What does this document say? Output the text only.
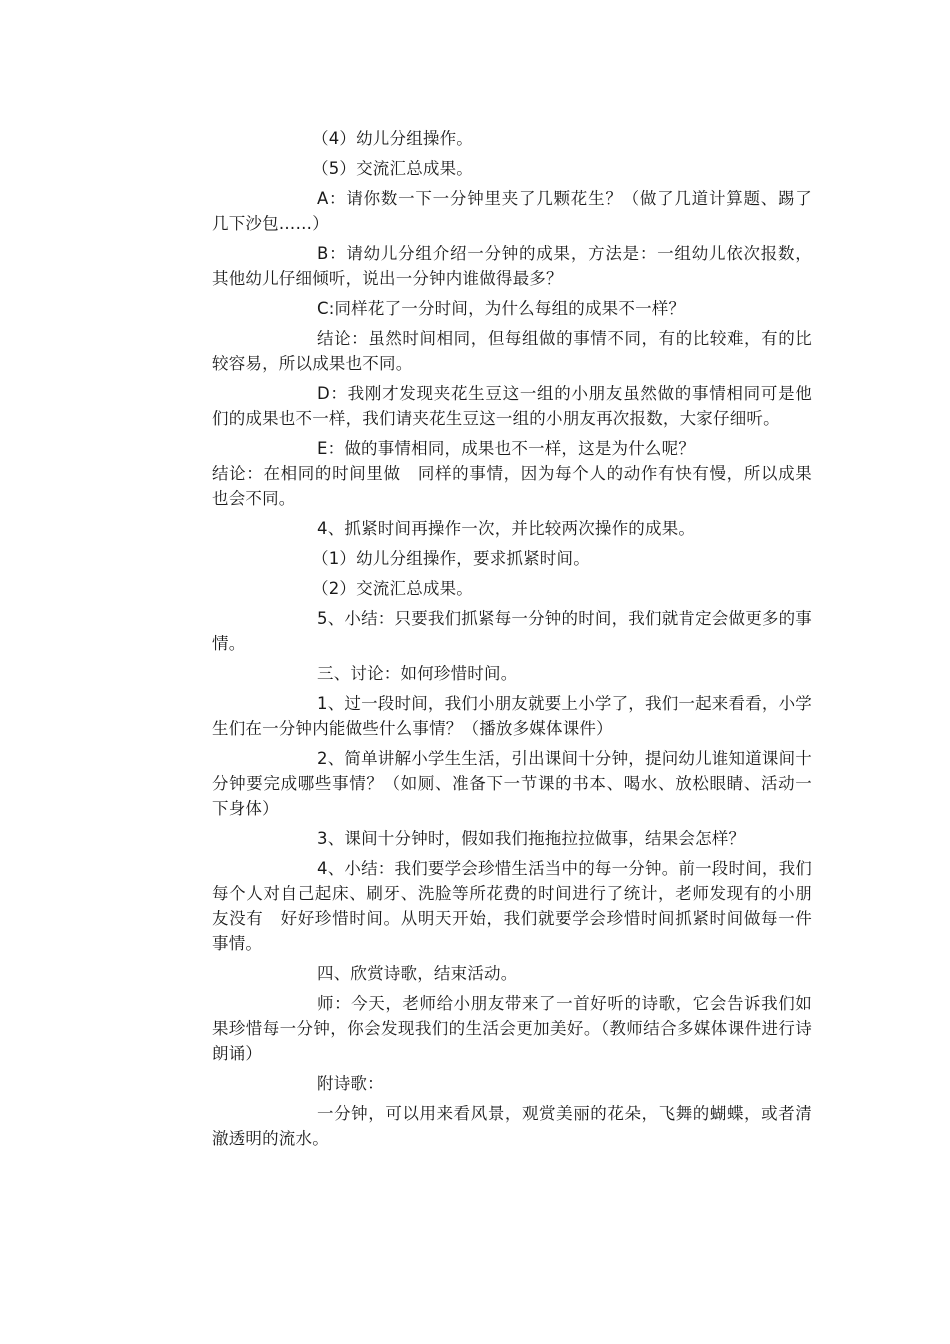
（4）幼儿分组操作。

（5）交流汇总成果。

A：请你数一下一分钟里夹了几颗花生？（做了几道计算题、踢了几下沙包……）

B：请幼儿分组介绍一分钟的成果，方法是：一组幼儿依次报数，其他幼儿仔细倾听，说出一分钟内谁做得最多？

C:同样花了一分时间，为什么每组的成果不一样？

结论：虽然时间相同，但每组做的事情不同，有的比较难，有的比较容易，所以成果也不同。

D：我刚才发现夹花生豆这一组的小朋友虽然做的事情相同可是他们的成果也不一样，我们请夹花生豆这一组的小朋友再次报数，大家仔细听。

E：做的事情相同，成果也不一样，这是为什么呢？

结论：在相同的时间里做　同样的事情，因为每个人的动作有快有慢，所以成果也会不同。

4、抓紧时间再操作一次，并比较两次操作的成果。

（1）幼儿分组操作，要求抓紧时间。

（2）交流汇总成果。

5、小结：只要我们抓紧每一分钟的时间，我们就肯定会做更多的事情。

三、讨论：如何珍惜时间。

1、过一段时间，我们小朋友就要上小学了，我们一起来看看，小学生们在一分钟内能做些什么事情？（播放多媒体课件）

2、简单讲解小学生生活，引出课间十分钟，提问幼儿谁知道课间十分钟要完成哪些事情？（如厕、准备下一节课的书本、喝水、放松眼睛、活动一下身体）

3、课间十分钟时，假如我们拖拖拉拉做事，结果会怎样？

4、小结：我们要学会珍惜生活当中的每一分钟。前一段时间，我们每个人对自己起床、刷牙、洗脸等所花费的时间进行了统计，老师发现有的小朋友没有　好好珍惜时间。从明天开始，我们就要学会珍惜时间抓紧时间做每一件事情。

四、欣赏诗歌，结束活动。

师：今天，老师给小朋友带来了一首好听的诗歌，它会告诉我们如果珍惜每一分钟，你会发现我们的生活会更加美好。（教师结合多媒体课件进行诗朗诵）

附诗歌：

一分钟，可以用来看风景，观赏美丽的花朵，飞舞的蝴蝶，或者清澈透明的流水。
